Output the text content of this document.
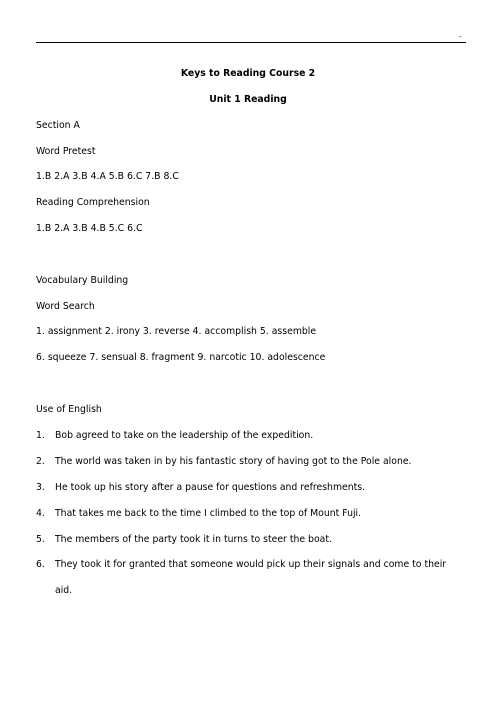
-
Keys to Reading Course 2
Unit 1 Reading
Section A
Word Pretest
1.B 2.A 3.B 4.A 5.B 6.C 7.B 8.C
Reading Comprehension
1.B 2.A 3.B 4.B 5.C 6.C
Vocabulary Building
Word Search
1. assignment 2. irony 3. reverse 4. accomplish 5. assemble
6. squeeze 7. sensual 8. fragment 9. narcotic 10. adolescence
Use of English
1. Bob agreed to take on the leadership of the expedition.
2. The world was taken in by his fantastic story of having got to the Pole alone.
3. He took up his story after a pause for questions and refreshments.
4. That takes me back to the time I climbed to the top of Mount Fuji.
5. The members of the party took it in turns to steer the boat.
6. They took it for granted that someone would pick up their signals and come to their aid.
